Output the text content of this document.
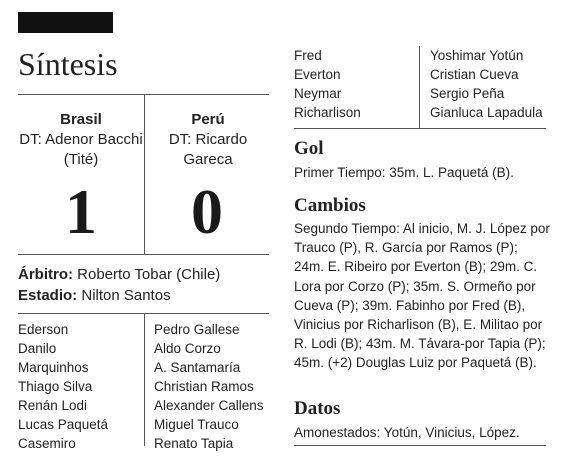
Síntesis
Brasil
DT: Adenor Bacchi (Tité)
Perú
DT: Ricardo Gareca
1	0
Árbitro: Roberto Tobar (Chile)
Estadio: Nilton Santos
Ederson
Danilo
Marquinhos
Thiago Silva
Renán Lodi
Lucas Paquetá
Casemiro
Pedro Gallese
Aldo Corzo
A. Santamaría
Christian Ramos
Alexander Callens
Miguel Trauco
Renato Tapia
Fred
Everton
Neymar
Richarlison
Yoshimar Yotún
Cristian Cueva
Sergio Peña
Gianluca Lapadula
Gol
Primer Tiempo: 35m. L. Paquetá (B).
Cambios
Segundo Tiempo: Al inicio, M. J. López por Trauco (P), R. García por Ramos (P); 24m. E. Ribeiro por Everton (B); 29m. C. Lora por Corzo (P); 35m. S. Ormeño por Cueva (P); 39m. Fabinho por Fred (B), Vinicius por Richarlison (B), E. Militao por R. Lodi (B); 43m. M. Távara-por Tapia (P); 45m. (+2) Douglas Luiz por Paquetá (B).
Datos
Amonestados: Yotún, Vinicius, López.
